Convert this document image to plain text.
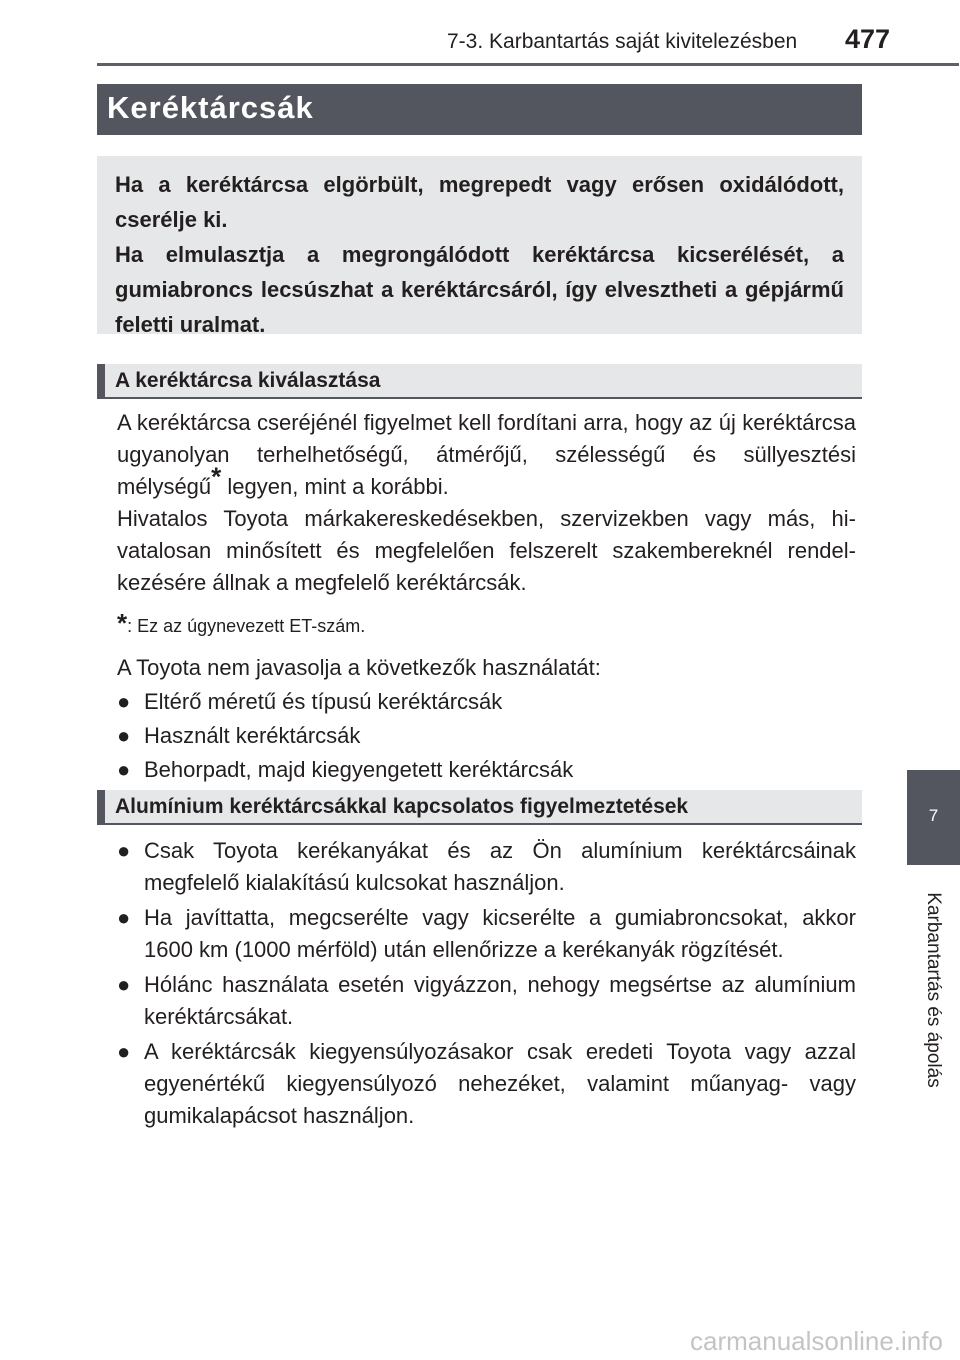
7-3. Karbantartás saját kivitelezésben 477
Keréktárcsák

Ha a keréktárcsa elgörbült, megrepedt vagy erősen oxidálódott, cserélje ki.

Ha elmulasztja a megrongálódott keréktárcsa kicserélését, a gumiabroncs lecsúszhat a keréktárcsáról, így elvesztheti a gépjármű feletti uralmat.

A keréktárcsa kiválasztása

A keréktárcsa cseréjénél figyelmet kell fordítani arra, hogy az új keréktárcsa ugyanolyan terhelhetőségű, átmérőjű, szélességű és süllyesztési mélységű* legyen, mint a korábbi.

Hivatalos Toyota márkakereskedésekben, szervizekben vagy más, hivatalosan minősített és megfelelően felszerelt szakembereknél rendelkezésére állnak a megfelelő keréktárcsák.

*: Ez az úgynevezett ET-szám.

A Toyota nem javasolja a következők használatát:

● Eltérő méretű és típusú keréktárcsák

● Használt keréktárcsák

● Behorpadt, majd kiegyengetett keréktárcsák

Alumínium keréktárcsákkal kapcsolatos figyelmeztetések

● Csak Toyota kerékanyákat és az Ön alumínium keréktárcsáinak megfelelő kialakítású kulcsokat használjon.

● Ha javíttatta, megcserélte vagy kicserélte a gumiabroncsokat, akkor 1600 km (1000 mérföld) után ellenőrizze a kerékanyák rögzítését.

● Hólánc használata esetén vigyázzon, nehogy megsértse az alumínium keréktárcsákat.

● A keréktárcsák kiegyensúlyozásakor csak eredeti Toyota vagy azzal egyenértékű kiegyensúlyozó nehezéket, valamint műanyag- vagy gumikalapácsot használjon.

7
Karbantartás és ápolás
carmanualsonline.info
